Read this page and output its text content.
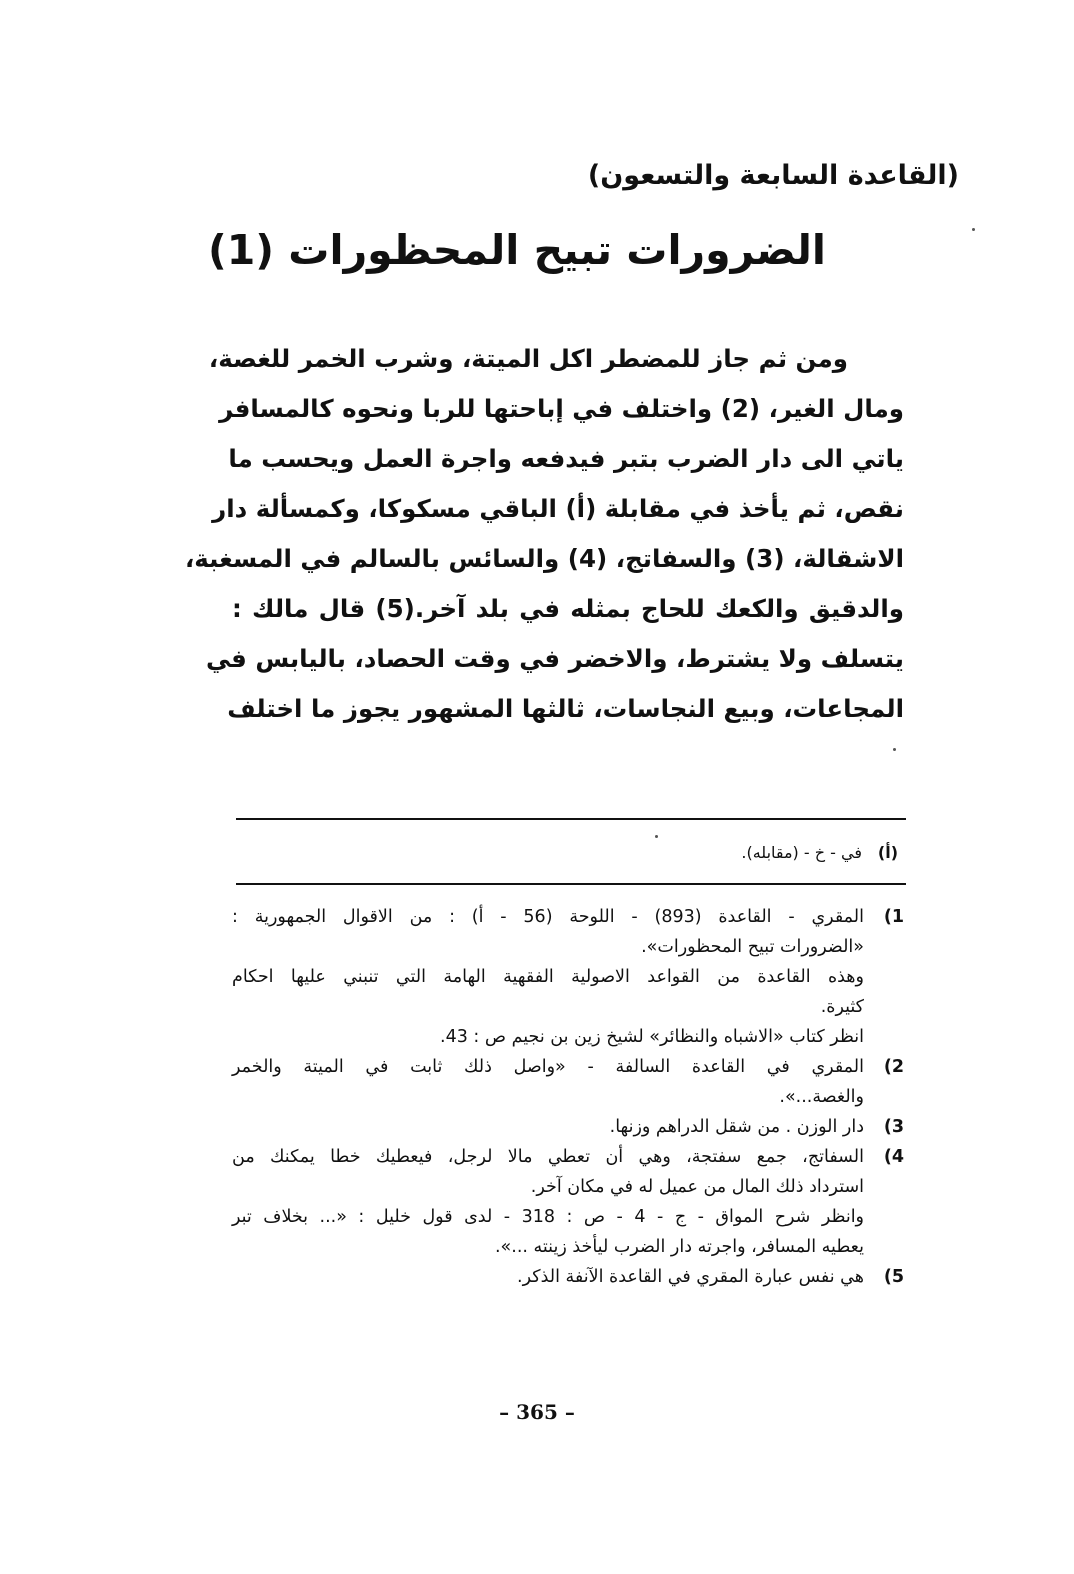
(القاعدة السابعة والتسعون)
الضرورات تبيح المحظورات (1)
ومن ثم جاز للمضطر اكل الميتة، وشرب الخمر للغصة،
ومال الغير، (2) واختلف في إباحتها للربا ونحوه كالمسافر
ياتي الى دار الضرب بتبر فيدفعه واجرة العمل ويحسب ما
نقص، ثم يأخذ في مقابلة (أ) الباقي مسكوكا، وكمسألة دار
الاشقالة، (3) والسفاتج، (4) والسائس بالسالم في المسغبة،
والدقيق والكعك للحاج بمثله في بلد آخر.(5) قال مالك :
يتسلف ولا يشترط، والاخضر في وقت الحصاد، باليابس في
المجاعات، وبيع النجاسات، ثالثها المشهور يجوز ما اختلف
(أ)
في - خ - (مقابله).
1)
المقري - القاعدة (893) - اللوحة (56 - أ) : من الاقوال الجمهورية :
«الضرورات تبيح المحظورات».
وهذه القاعدة من القواعد الاصولية الفقهية الهامة التي تنبني عليها احكام
كثيرة.
انظر كتاب «الاشباه والنظائر» لشيخ زين بن نجيم ص : 43.
2)
المقري في القاعدة السالفة - «واصل ذلك ثابت في الميتة والخمر
والغصة...».
3)
دار الوزن . من شقل الدراهم وزنها.
4)
السفاتج، جمع سفتجة، وهي أن تعطي مالا لرجل، فيعطيك خطا يمكنك من
استرداد ذلك المال من عميل له في مكان آخر.
وانظر شرح المواق - ج - 4 - ص : 318 - لدى قول خليل : «... بخلاف تبر
يعطيه المسافر، واجرته دار الضرب ليأخذ زينته ...».
5)
هي نفس عبارة المقري في القاعدة الآنفة الذكر.
– 365 –
